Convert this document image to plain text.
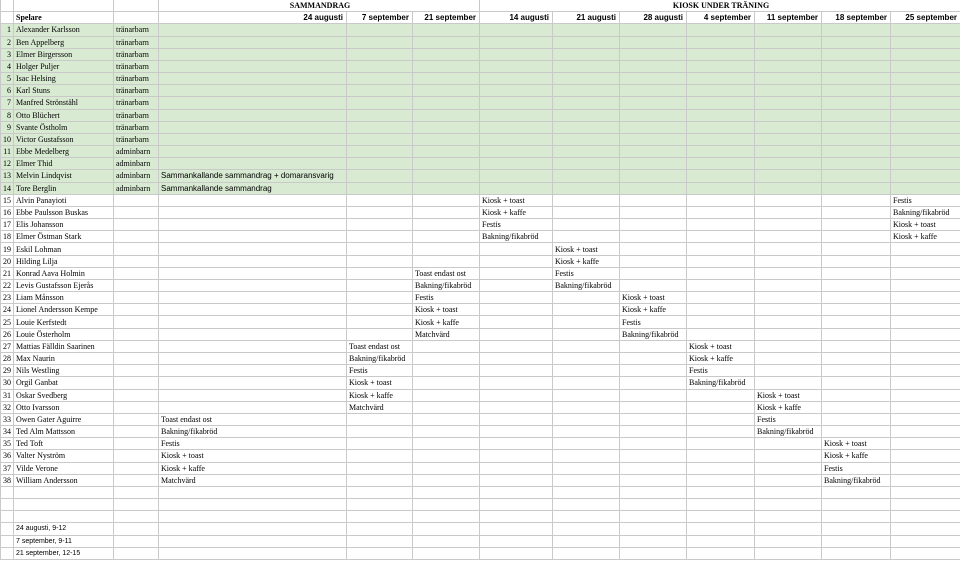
			SAMMANDRAG			KIOSK UNDER TRÄNING						
	Spelare		24 augusti	7 september	21 september	14 augusti	21 augusti	28 augusti	4 september	11 september	18 september	25 september
1	Alexander Karlsson	tränarbarn										
2	Ben Appelberg	tränarbarn										
3	Elmer Birgersson	tränarbarn										
4	Holger Puljer	tränarbarn										
5	Isac Helsing	tränarbarn										
6	Karl Stuns	tränarbarn										
7	Manfred Strönstähl	tränarbarn										
8	Otto Blüchert	tränarbarn										
9	Svante Östholm	tränarbarn										
10	Victor Gustafsson	tränarbarn										
11	Ebbe Medelberg	adminbarn										
12	Elmer Thid	adminbarn										
13	Melvin Lindqvist	adminbarn	Sammankallande sammandrag + domaransvarig									
14	Tore Berglin	adminbarn	Sammankallande sammandrag									
15	Alvin Panayioti					Kiosk + toast						Festis
16	Ebbe Paulsson Buskas					Kiosk + kaffe						Bakning/fikabröd
17	Elis Johansson					Festis						Kiosk + toast
18	Elmer Östman Stark					Bakning/fikabröd						Kiosk + kaffe
19	Eskil Lohman						Kiosk + toast					
20	Hilding Lilja						Kiosk + kaffe					
21	Konrad Aava Holmin				Toast endast ost		Festis					
22	Levis Gustafsson Ejerås				Bakning/fikabröd		Bakning/fikabröd					
23	Liam Månsson				Festis			Kiosk + toast				
24	Lionel Andersson Kempe				Kiosk + toast			Kiosk + kaffe				
25	Louie Kerfstedt				Kiosk + kaffe			Festis				
26	Louie Österholm				Matchvärd			Bakning/fikabröd				
27	Mattias Fälldin Saarinen			Toast endast ost					Kiosk + toast			
28	Max Naurin			Bakning/fikabröd					Kiosk + kaffe			
29	Nils Westling			Festis					Festis			
30	Orgil Ganbat			Kiosk + toast					Bakning/fikabröd			
31	Oskar Svedberg			Kiosk + kaffe						Kiosk + toast		
32	Otto Ivarsson			Matchvärd						Kiosk + kaffe		
33	Owen Gater Aguirre		Toast endast ost							Festis		
34	Ted Alm Mattsson		Bakning/fikabröd							Bakning/fikabröd		
35	Ted Toft		Festis								Kiosk + toast	
36	Valter Nyström		Kiosk + toast								Kiosk + kaffe	
37	Vilde Verone		Kiosk + kaffe								Festis	
38	William Andersson		Matchvärd								Bakning/fikabröd	

	24 augusti, 9-12											
	7 september, 9-11											
	21 september, 12-15											
